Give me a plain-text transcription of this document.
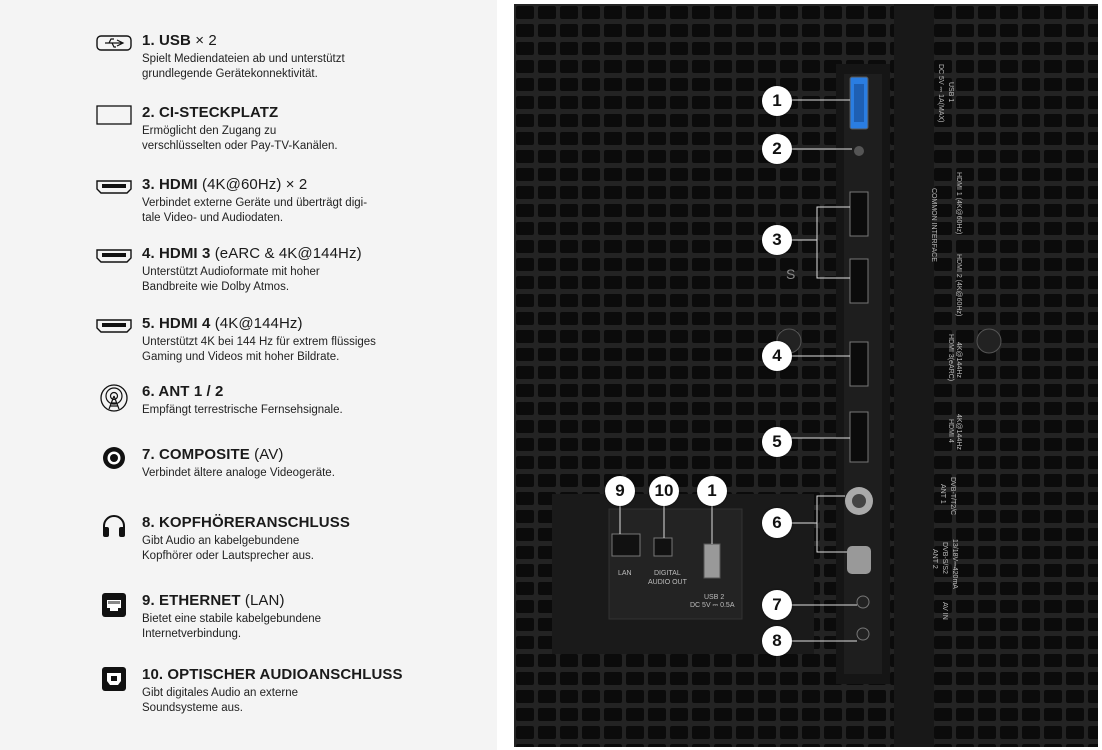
1. USB × 2
Spielt Mediendateien ab und unterstützt
grundlegende Gerätekonnektivität.
2. CI-STECKPLATZ
Ermöglicht den Zugang zu
verschlüsselten oder Pay-TV-Kanälen.
3. HDMI (4K@60Hz) × 2
Verbindet externe Geräte und überträgt digi-
tale Video- und Audiodaten.
4. HDMI 3 (eARC & 4K@144Hz)
Unterstützt Audioformate mit hoher
Bandbreite wie Dolby Atmos.
5. HDMI 4 (4K@144Hz)
Unterstützt 4K bei 144 Hz für extrem flüssiges
Gaming und Videos mit hoher Bildrate.
6. ANT 1 / 2
Empfängt terrestrische Fernsehsignale.
7. COMPOSITE (AV)
Verbindet ältere analoge Videogeräte.
8. KOPFHÖRERANSCHLUSS
Gibt Audio an kabelgebundene
Kopfhörer oder Lautsprecher aus.
9. ETHERNET (LAN)
Bietet eine stabile kabelgebundene
Internetverbindung.
10. OPTISCHER AUDIOANSCHLUSS
Gibt digitales Audio an externe
Soundsysteme aus.
1
2
3
4
5
6
7
8
9	10	1
USB 1
DC 5V ⎓ 1A(MAX)
COMMON INTERFACE
HDMI 2 (4K@60Hz)
HDMI 1 (4K@60Hz)
HDMI 3(eARC) 4K@144Hz
HDMI 4 4K@144Hz
ANT 1 DVB-T/T2/C
ANT 2 DVB-S/S2 13/18V⎓420mA
AV IN
LAN	DIGITAL
AUDIO OUT
USB 2
DC 5V ⎓ 0.5A
S
